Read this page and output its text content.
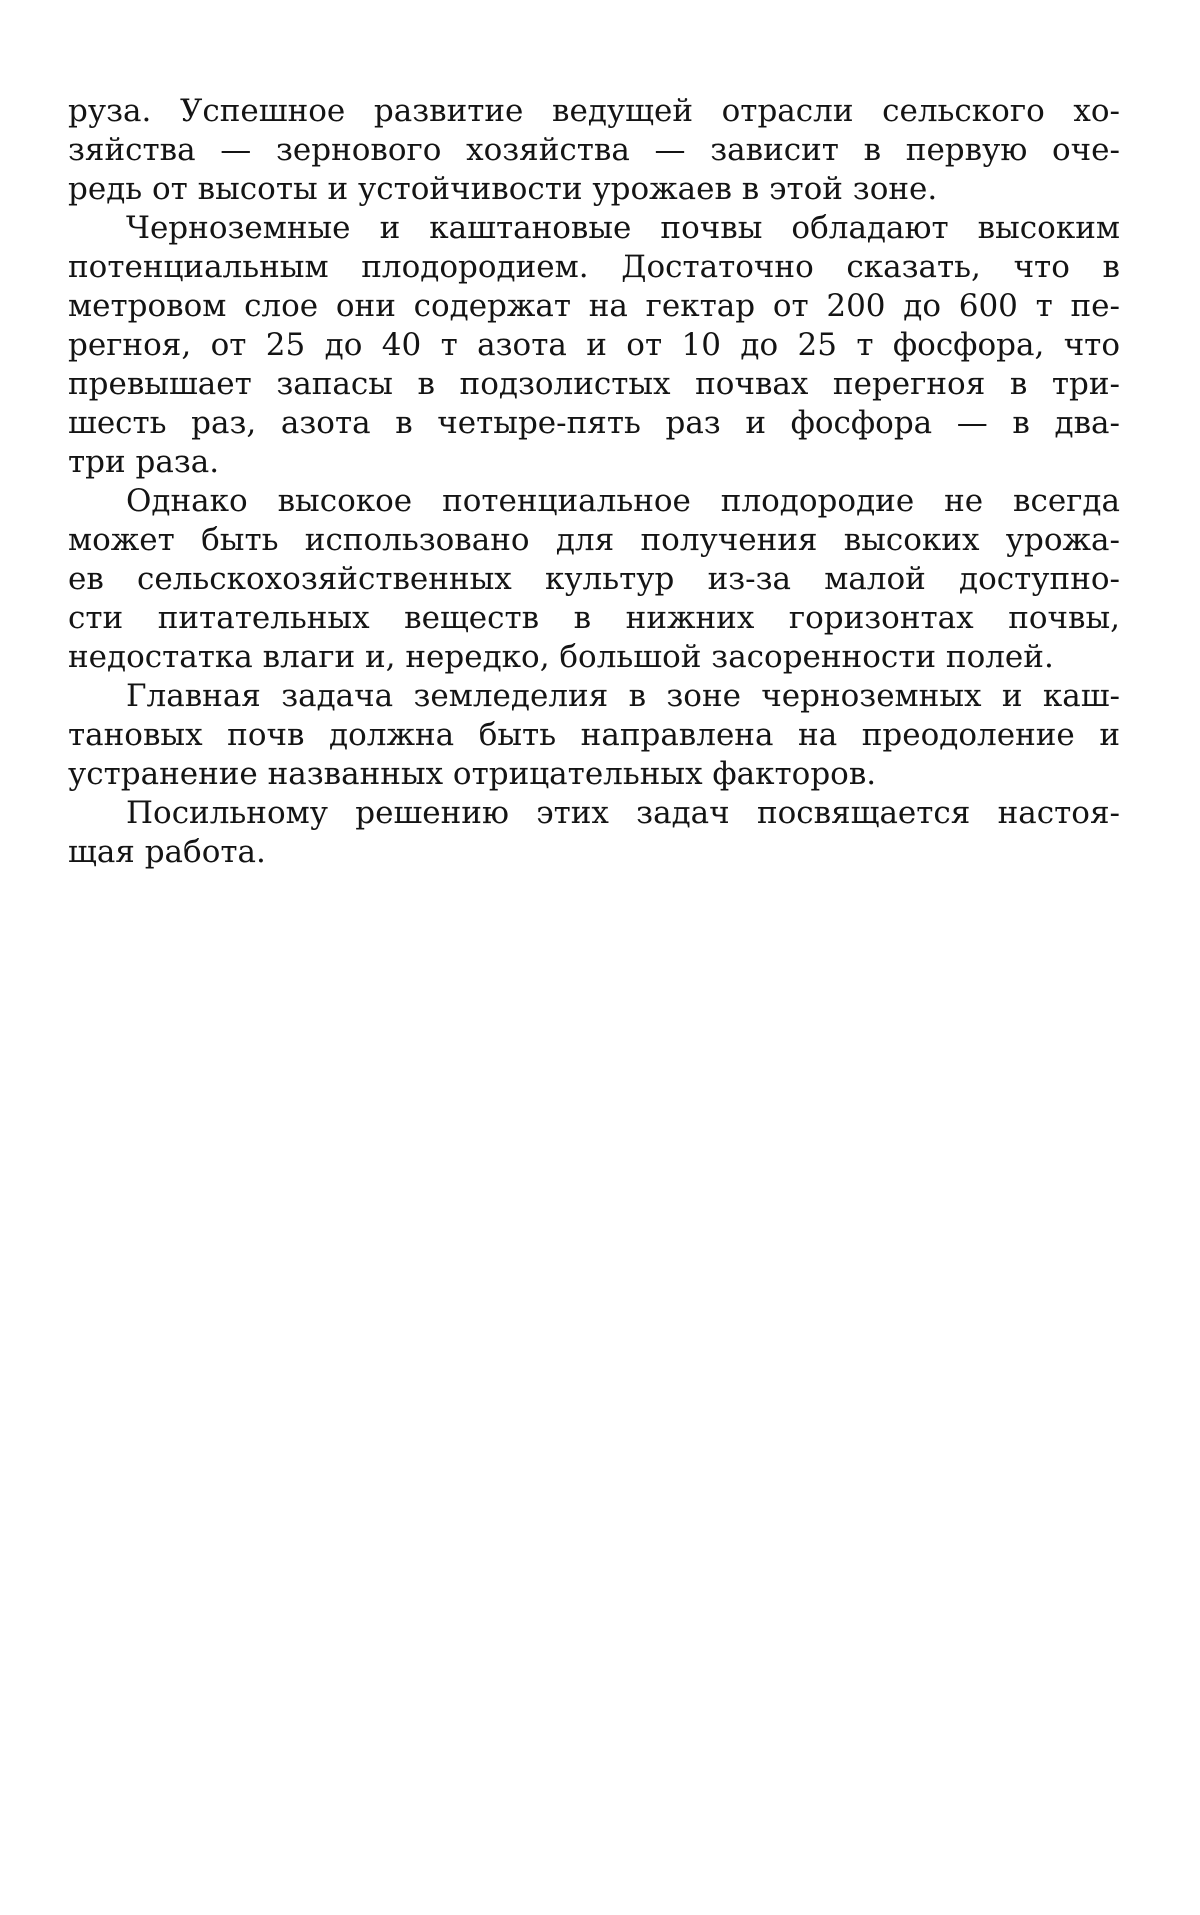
руза. Успешное развитие ведущей отрасли сельского хо-
зяйства — зернового хозяйства — зависит в первую оче-
редь от высоты и устойчивости урожаев в этой зоне.
Черноземные и каштановые почвы обладают высоким
потенциальным плодородием. Достаточно сказать, что в
метровом слое они содержат на гектар от 200 до 600 т пе-
регноя, от 25 до 40 т азота и от 10 до 25 т фосфора, что
превышает запасы в подзолистых почвах перегноя в три-
шесть раз, азота в четыре-пять раз и фосфора — в два-
три раза.
Однако высокое потенциальное плодородие не всегда
может быть использовано для получения высоких урожа-
ев сельскохозяйственных культур из-за малой доступно-
сти питательных веществ в нижних горизонтах почвы,
недостатка влаги и, нередко, большой засоренности полей.
Главная задача земледелия в зоне черноземных и каш-
тановых почв должна быть направлена на преодоление и
устранение названных отрицательных факторов.
Посильному решению этих задач посвящается настоя-
щая работа.
